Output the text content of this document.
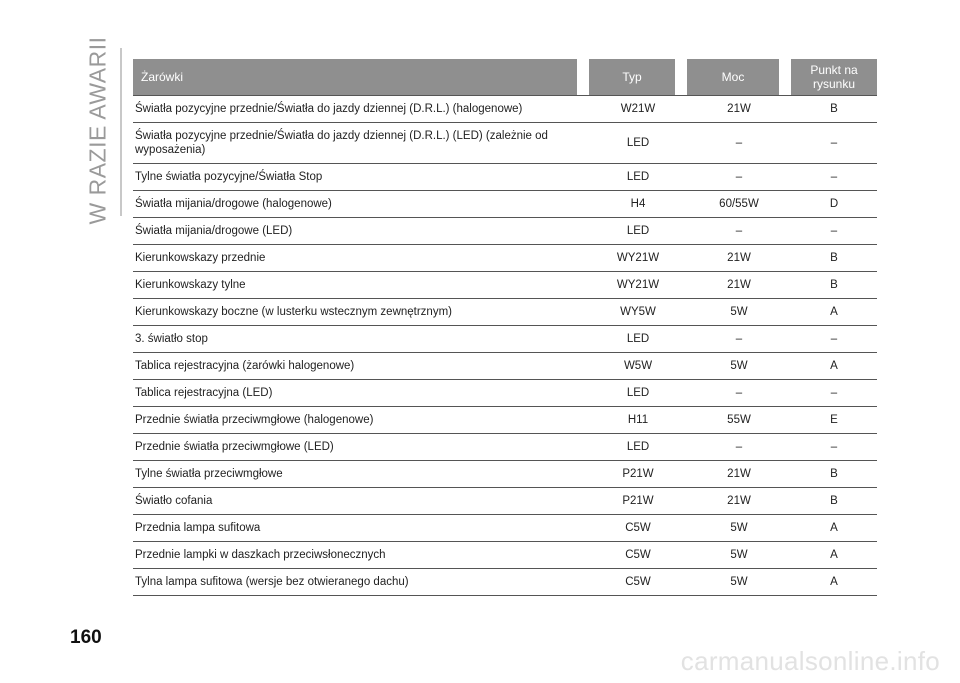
W RAZIE AWARII	Żarówki	Typ	Moc	Punkt na rysunku
Światła pozycyjne przednie/Światła do jazdy dziennej (D.R.L.) (halogenowe)	W21W	21W	B
Światła pozycyjne przednie/Światła do jazdy dziennej (D.R.L.) (LED) (zależnie od wyposażenia)	LED	–	–
Tylne światła pozycyjne/Światła Stop	LED	–	–
Światła mijania/drogowe (halogenowe)	H4	60/55W	D
Światła mijania/drogowe (LED)	LED	–	–
Kierunkowskazy przednie	WY21W	21W	B
Kierunkowskazy tylne	WY21W	21W	B
Kierunkowskazy boczne (w lusterku wstecznym zewnętrznym)	WY5W	5W	A
3. światło stop	LED	–	–
Tablica rejestracyjna (żarówki halogenowe)	W5W	5W	A
Tablica rejestracyjna (LED)	LED	–	–
Przednie światła przeciwmgłowe (halogenowe)	H11	55W	E
Przednie światła przeciwmgłowe (LED)	LED	–	–
Tylne światła przeciwmgłowe	P21W	21W	B
Światło cofania	P21W	21W	B
Przednia lampa sufitowa	C5W	5W	A
Przednie lampki w daszkach przeciwsłonecznych	C5W	5W	A
Tylna lampa sufitowa (wersje bez otwieranego dachu)	C5W	5W	A
160
carmanualsonline.info
